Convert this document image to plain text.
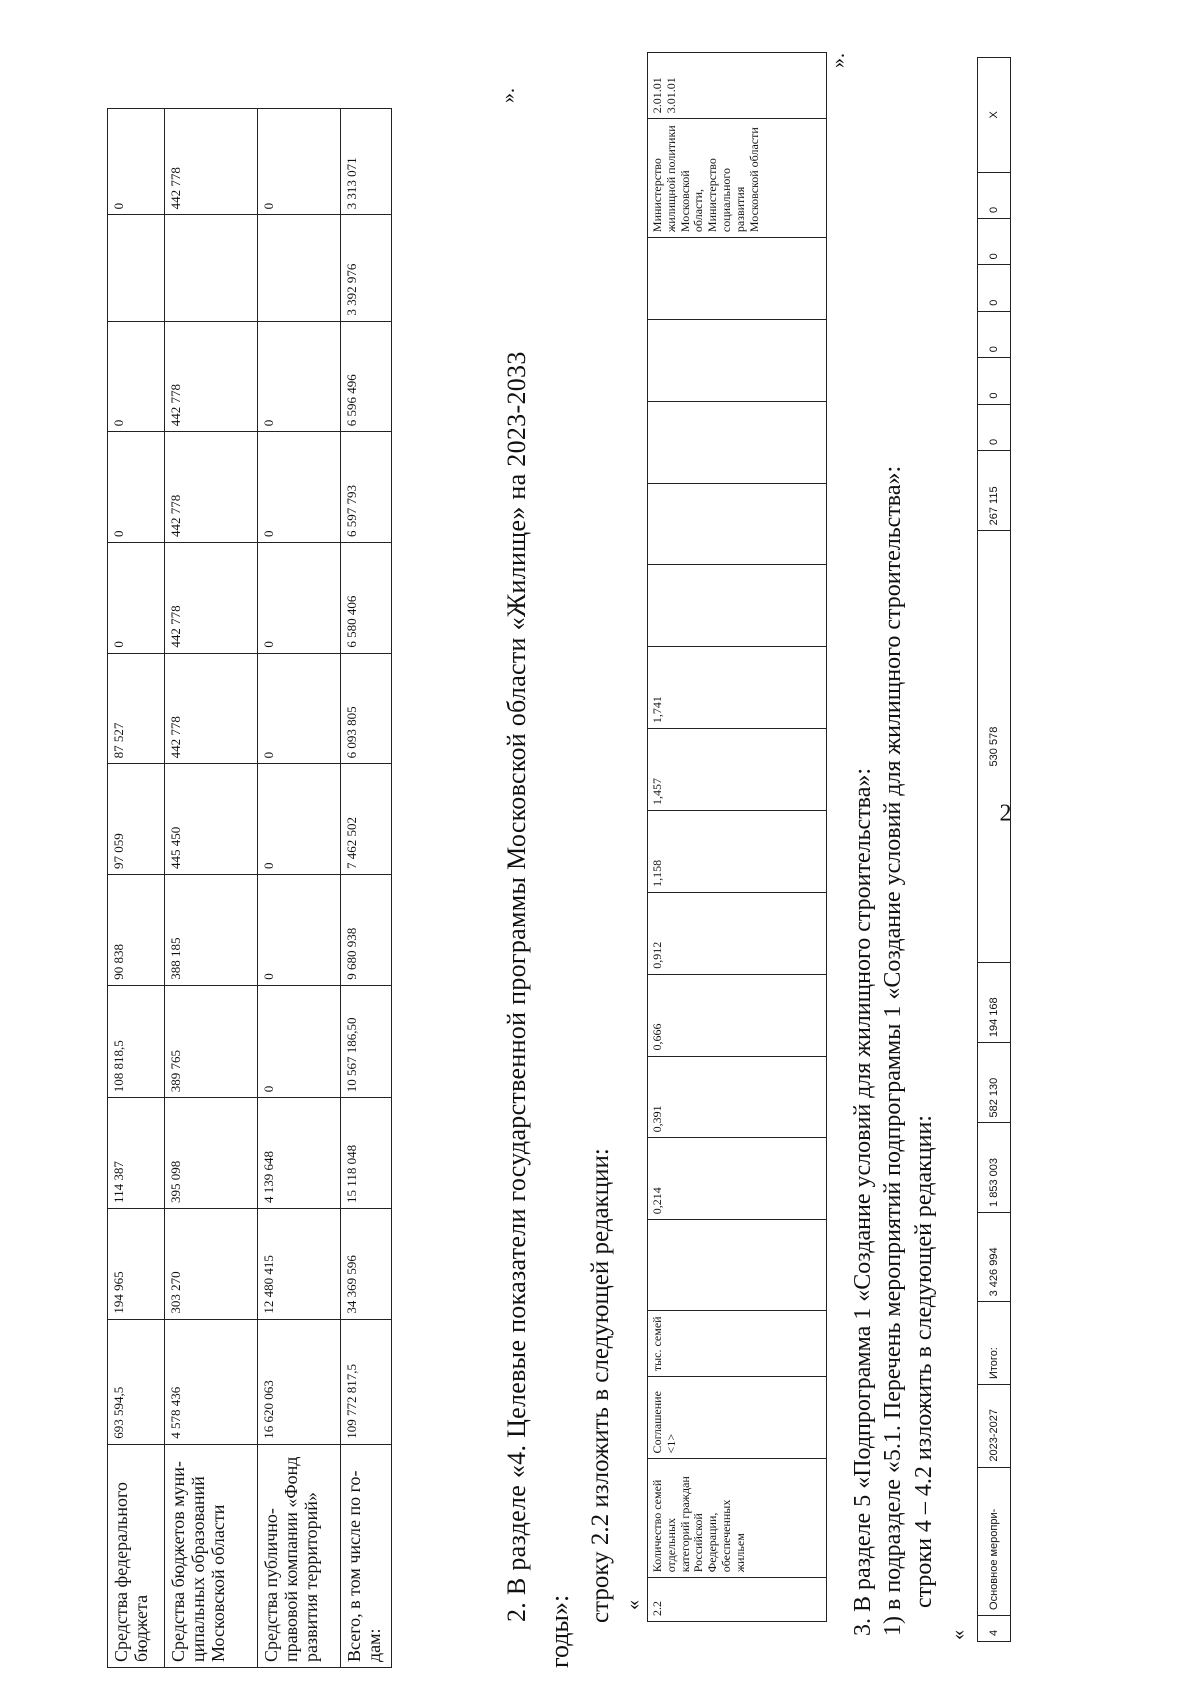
2
Средства федерального бюджета	693 594,5	194 965	114 387	108 818,5	90 838	97 059	87 527	0	0	0		0
Средства бюджетов муни-ципальных образований Московской области	4 578 436	303 270	395 098	389 765	388 185	445 450	442 778	442 778	442 778	442 778		442 778
Средства публично-правовой компании «Фонд развития территорий»	16 620 063	12 480 415	4 139 648	0	0	0	0	0	0	0		0
Всего, в том числе по го-дам:	109 772 817,5	34 369 596	15 118 048	10 567 186,50	9 680 938	7 462 502	6 093 805	6 580 406	6 597 793	6 596 496	3 392 976	3 313 071
».
2. В разделе «4. Целевые показатели государственной программы Московской области «Жилище» на 2023-2033
годы»:
строку 2.2 изложить в следующей редакции: « 2.2	Количество семей отдельных категорий граждан Российской Федерации, обеспеченных жильем	Соглашение <1>	тыс. семей		0,214	0,391	0,666	0,912	1,158	1,457	1,741						Министерство жилищной политики Московской области, Министерство социального развития Московской области	2.01.01 3.01.01
».
3. В разделе 5 «Подпрограмма 1 «Создание условий для жилищного строительства»: 1) в подразделе «5.1. Перечень мероприятий подпрограммы 1 «Создание условий для жилищного строительства»: строки 4 – 4.2 изложить в следующей редакции:
« 4	Основное меропри-	2023-2027	Итого:	3 426 994	1 853 003	582 130	194 168	530 578	267 115	0	0	0	0	0	0	Х
